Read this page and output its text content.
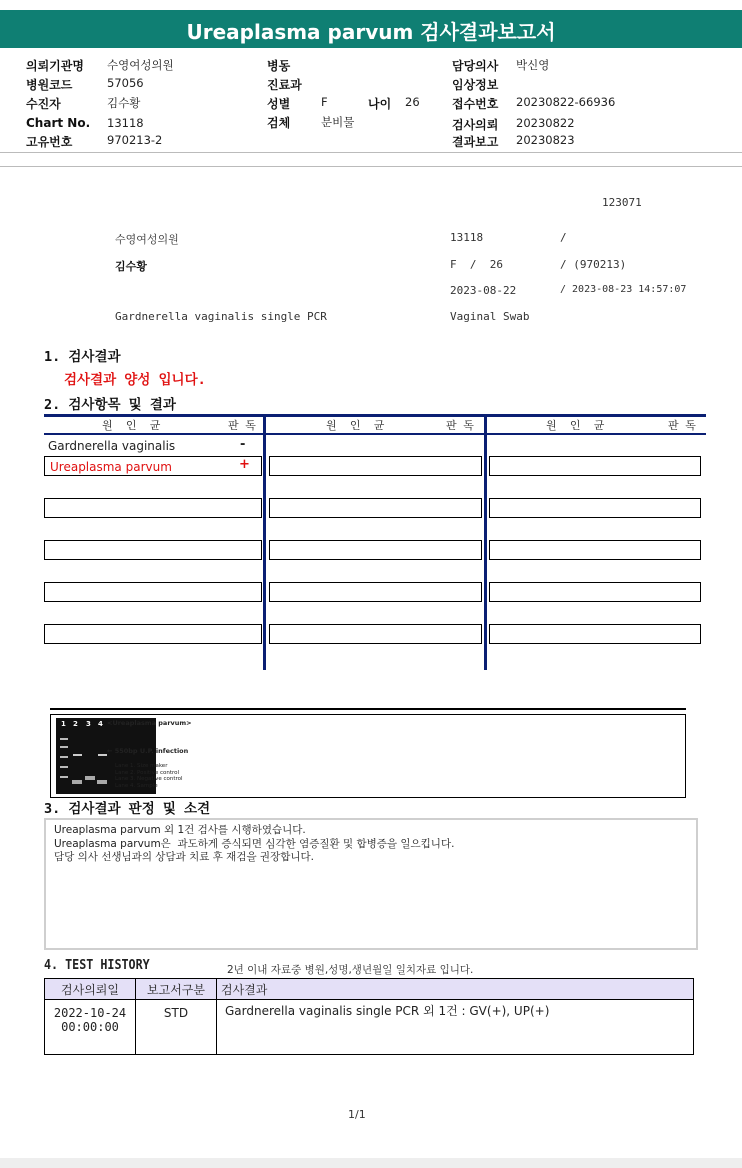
Ureaplasma parvum 검사결과보고서
의뢰기관명 수영여성의원
병원코드	57056
수진자	김수황
Chart No. 13118
고유번호	970213-2
병동
진료과
성별	F	나이 26
검체	분비물
담당의사 박신영
임상정보
접수번호 20230822-66936
검사의뢰 20230822
결과보고 20230823
123071
수영여성의원	13118	/
김수황	F  /  26	/ (970213)
2023-08-22	/ 2023-08-23 14:57:07
Gardnerella vaginalis single PCR	Vaginal Swab
1. 검사결과
검사결과 양성 입니다.
2. 검사항목 및 결과
원  인  균	판 독	원  인  균	판 독	원  인  균	판 독
Gardnerella vaginalis	-
Ureaplasma parvum	+
1 2 3 4 <Ureaplasma parvum>
← 550bp U.P. infection
Lane 1. Size maker
Lane 2. Positive control
Lane 3. Negative control
Lane 4. Sample
3. 검사결과 판정 및 소견
Ureaplasma parvum 외 1건 검사를 시행하였습니다.
Ureaplasma parvum은  과도하게 증식되면 심각한 염증질환 및 합병증을 일으킵니다.
담당 의사 선생님과의 상담과 치료 후 재검을 권장합니다.
4. TEST HISTORY	2년 이내 자료중 병원,성명,생년월일 일치자료 입니다.
검사의뢰일	보고서구분	검사결과

2022-10-24
00:00:00	STD	Gardnerella vaginalis single PCR 외 1건 : GV(+), UP(+)
1/1
